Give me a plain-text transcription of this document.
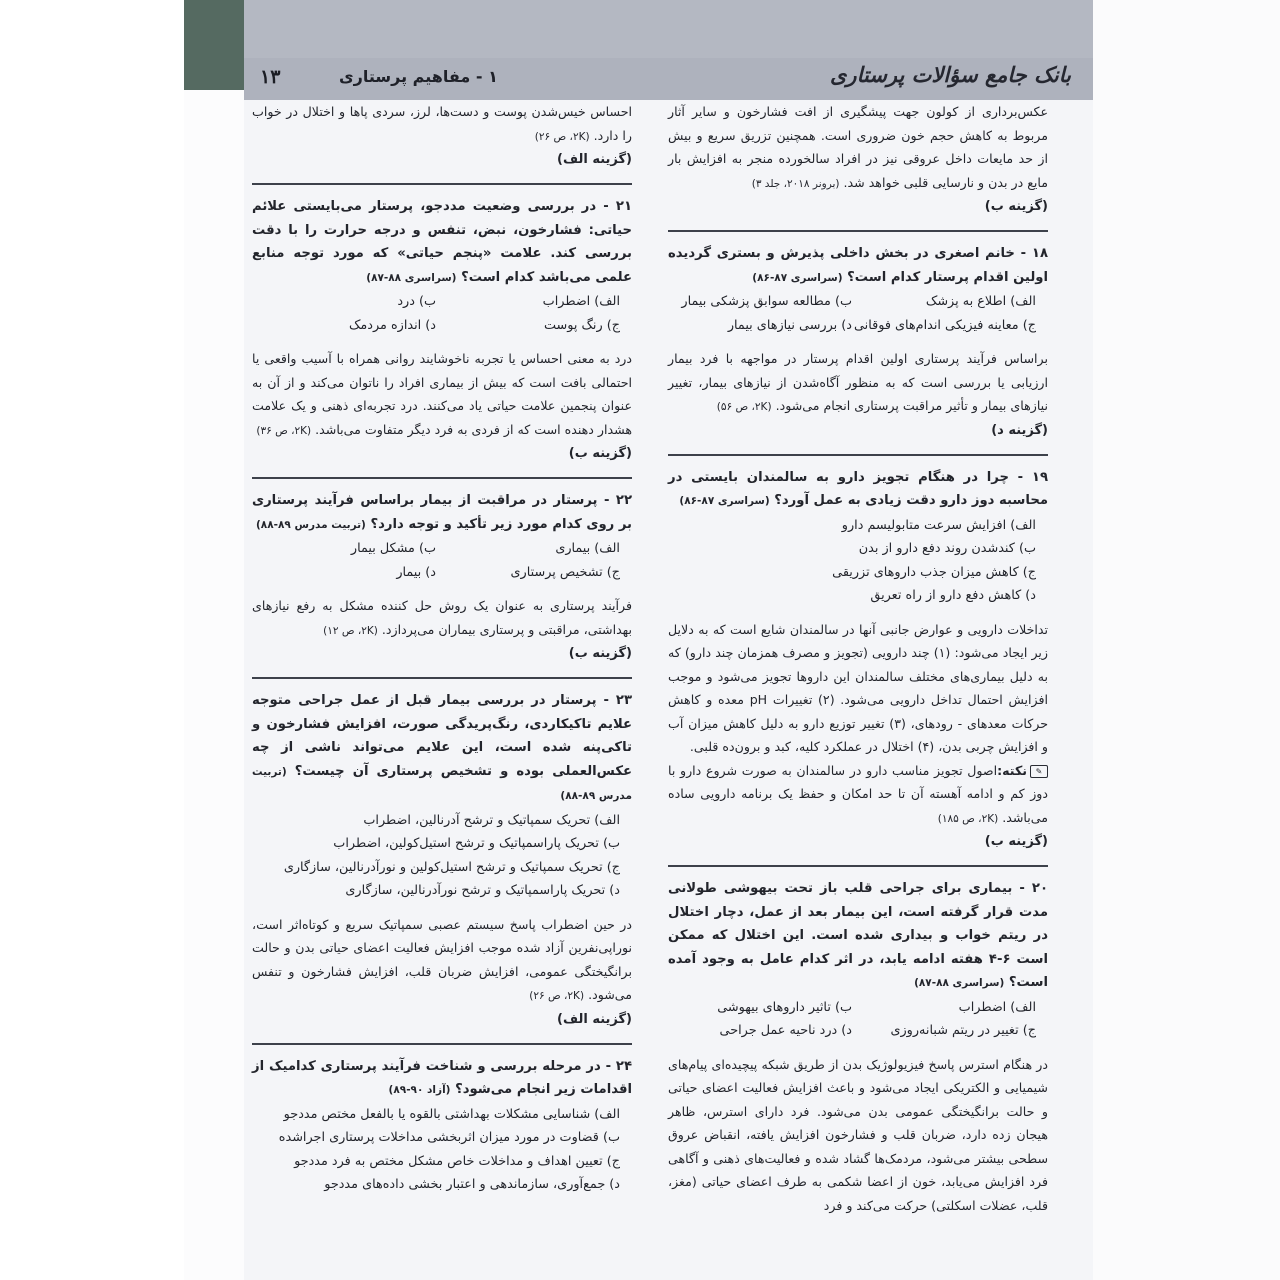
۱۳	۱ - مفاهیم پرستاری	بانک جامع سؤالات پرستاری

عکس‌برداری از کولون جهت پیشگیری از افت فشارخون و سایر آثار مربوط به کاهش حجم خون ضروری است. همچنین تزریق سریع و بیش از حد مایعات داخل عروقی نیز در افراد سالخورده منجر به افزایش بار مایع در بدن و نارسایی قلبی خواهد شد. (برونر ۲۰۱۸، جلد ۳)

(گزینه ب)

۱۸ - خانم اصغری در بخش داخلی پذیرش و بستری گردیده اولین اقدام پرستار کدام است؟ (سراسری ۸۷-۸۶)

الف) اطلاع به پزشک
ب) مطالعه سوابق پزشکی بیمار
ج) معاینه فیزیکی اندام‌های فوقانی
د) بررسی نیازهای بیمار

براساس فرآیند پرستاری اولین اقدام پرستار در مواجهه با فرد بیمار ارزیابی یا بررسی است که به منظور آگاه‌شدن از نیازهای بیمار، تغییر نیازهای بیمار و تأثیر مراقبت پرستاری انجام می‌شود. (۲K، ص ۵۶)

(گزینه د)

۱۹ - چرا در هنگام تجویز دارو به سالمندان بایستی در محاسبه دوز دارو دقت زیادی به عمل آورد؟ (سراسری ۸۷-۸۶)

الف) افزایش سرعت متابولیسم دارو
ب) کندشدن روند دفع دارو از بدن
ج) کاهش میزان جذب داروهای تزریقی
د) کاهش دفع دارو از راه تعریق

تداخلات دارویی و عوارض جانبی آنها در سالمندان شایع است که به دلایل زیر ایجاد می‌شود: (۱) چند دارویی (تجویز و مصرف همزمان چند دارو) که به دلیل بیماری‌های مختلف سالمندان این داروها تجویز می‌شود و موجب افزایش احتمال تداخل دارویی می‌شود. (۲) تغییرات pH معده و کاهش حرکات معدهای - رودهای، (۳) تغییر توزیع دارو به دلیل کاهش میزان آب و افزایش چربی بدن، (۴) اختلال در عملکرد کلیه، کبد و برون‌ده قلبی.

✎نکته:اصول تجویز مناسب دارو در سالمندان به صورت شروع دارو با دوز کم و ادامه آهسته آن تا حد امکان و حفظ یک برنامه دارویی ساده می‌باشد. (۲K، ص ۱۸۵)

(گزینه ب)

۲۰ - بیماری برای جراحی قلب باز تحت بیهوشی طولانی مدت قرار گرفته است، این بیمار بعد از عمل، دچار اختلال در ریتم خواب و بیداری شده است. این اختلال که ممکن است ۶-۴ هفته ادامه یابد، در اثر کدام عامل به وجود آمده است؟ (سراسری ۸۸-۸۷)

الف) اضطراب
ب) تاثیر داروهای بیهوشی
ج) تغییر در ریتم شبانه‌روزی
د) درد ناحیه عمل جراحی

در هنگام استرس پاسخ فیزیولوژیک بدن از طریق شبکه پیچیده‌ای پیام‌های شیمیایی و الکتریکی ایجاد می‌شود و باعث افزایش فعالیت اعضای حیاتی و حالت برانگیختگی عمومی بدن می‌شود. فرد دارای استرس، ظاهر هیجان زده دارد، ضربان قلب و فشارخون افزایش یافته، انقباض عروق سطحی بیشتر می‌شود، مردمک‌ها گشاد شده و فعالیت‌های ذهنی و آگاهی فرد افزایش می‌یابد، خون از اعضا شکمی به طرف اعضای حیاتی (مغز، قلب، عضلات اسکلتی) حرکت می‌کند و فرد

احساس خیس‌شدن پوست و دست‌ها، لرز، سردی پاها و اختلال در خواب را دارد. (۲K، ص ۲۶)

(گزینه الف)

۲۱ - در بررسی وضعیت مددجو، پرستار می‌بایستی علائم حیاتی: فشارخون، نبض، تنفس و درجه حرارت را با دقت بررسی کند. علامت «پنجم حیاتی» که مورد توجه منابع علمی می‌باشد کدام است؟ (سراسری ۸۸-۸۷)

الف) اضطراب
ب) درد
ج) رنگ پوست
د) اندازه مردمک

درد به معنی احساس یا تجربه ناخوشایند روانی همراه با آسیب واقعی یا احتمالی بافت است که بیش از بیماری افراد را ناتوان می‌کند و از آن به عنوان پنجمین علامت حیاتی یاد می‌کنند. درد تجربه‌ای ذهنی و یک علامت هشدار دهنده است که از فردی به فرد دیگر متفاوت می‌باشد. (۲K، ص ۳۶)

(گزینه ب)

۲۲ - پرستار در مراقبت از بیمار براساس فرآیند پرستاری بر روی کدام مورد زیر تأکید و توجه دارد؟ (تربیت مدرس ۸۹-۸۸)

الف) بیماری
ب) مشکل بیمار
ج) تشخیص پرستاری
د) بیمار

فرآیند پرستاری به عنوان یک روش حل کننده مشکل به رفع نیازهای بهداشتی، مراقبتی و پرستاری بیماران می‌پردازد. (۲K، ص ۱۲)

(گزینه ب)

۲۳ - پرستار در بررسی بیمار قبل از عمل جراحی متوجه علایم تاکیکاردی، رنگ‌پریدگی صورت، افزایش فشارخون و تاکی‌پنه شده است، این علایم می‌تواند ناشی از چه عکس‌العملی بوده و تشخیص پرستاری آن چیست؟ (تربیت مدرس ۸۹-۸۸)

الف) تحریک سمپاتیک و ترشح آدرنالین، اضطراب
ب) تحریک پاراسمپاتیک و ترشح استیل‌کولین، اضطراب
ج) تحریک سمپاتیک و ترشح استیل‌کولین و نورآدرنالین، سازگاری
د) تحریک پاراسمپاتیک و ترشح نورآدرنالین، سازگاری

در حین اضطراب پاسخ سیستم عصبی سمپاتیک سریع و کوتاه‌اثر است، نوراپی‌نفرین آزاد شده موجب افزایش فعالیت اعضای حیاتی بدن و حالت برانگیختگی عمومی، افزایش ضربان قلب، افزایش فشارخون و تنفس می‌شود. (۲K، ص ۲۶)

(گزینه الف)

۲۴ - در مرحله بررسی و شناخت فرآیند پرستاری کدامیک از اقدامات زیر انجام می‌شود؟ (آزاد ۹۰-۸۹)

الف) شناسایی مشکلات بهداشتی بالقوه یا بالفعل مختص مددجو
ب) قضاوت در مورد میزان اثربخشی مداخلات پرستاری اجراشده
ج) تعیین اهداف و مداخلات خاص مشکل مختص به فرد مددجو
د) جمع‌آوری، سازماندهی و اعتبار بخشی داده‌های مددجو
